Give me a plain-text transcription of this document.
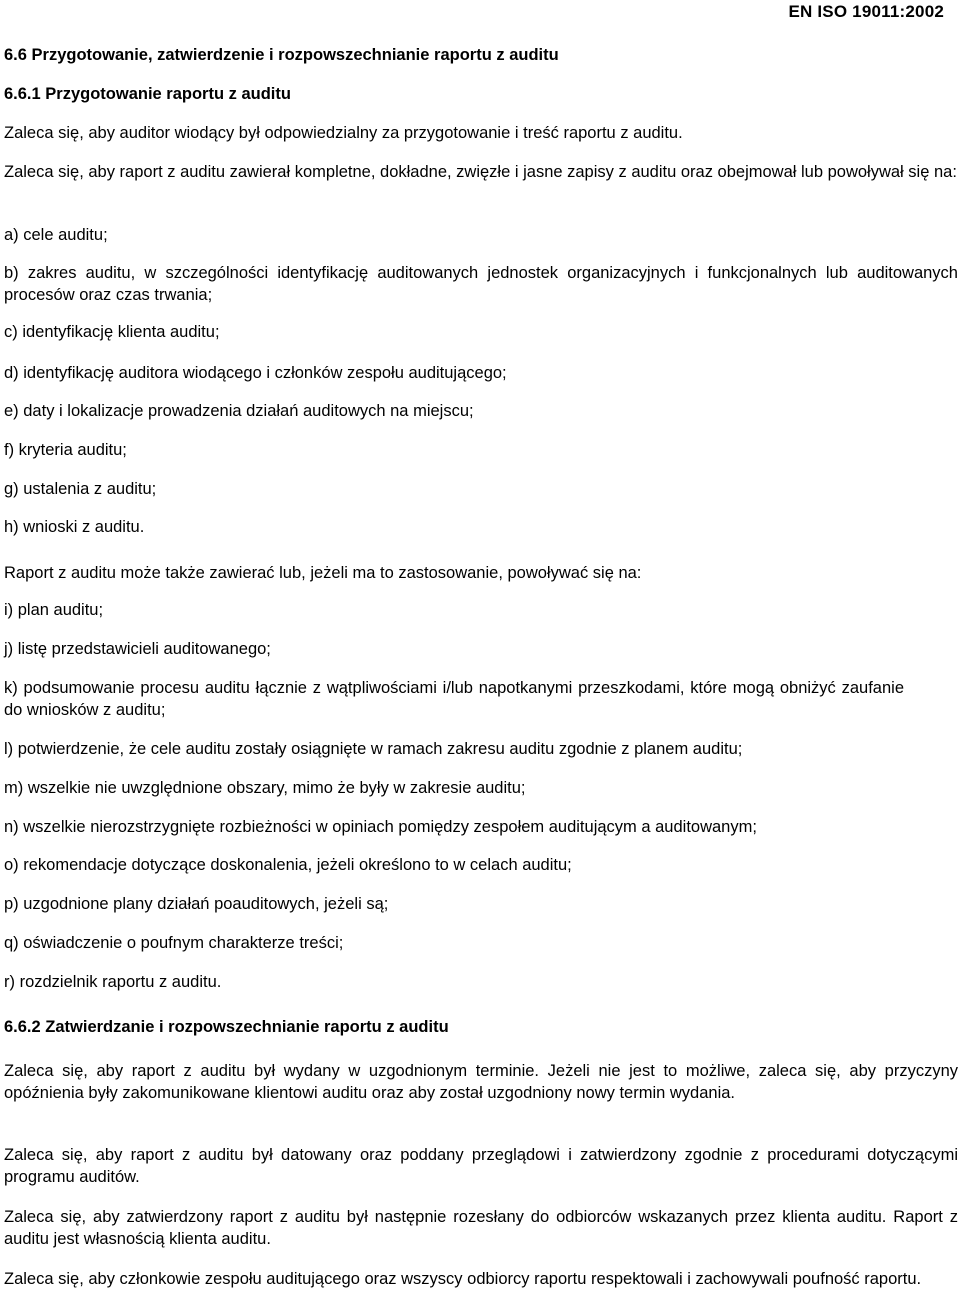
EN ISO 19011:2002
6.6 Przygotowanie, zatwierdzenie i rozpowszechnianie raportu z auditu
6.6.1 Przygotowanie raportu z auditu
Zaleca się, aby auditor wiodący był odpowiedzialny za przygotowanie i treść raportu z auditu.
Zaleca się, aby raport z auditu zawierał kompletne, dokładne, zwięzłe i jasne zapisy z auditu oraz obejmował lub powoływał się na:
a) cele auditu;
b) zakres auditu, w szczególności identyfikację auditowanych jednostek organizacyjnych i funkcjonalnych lub auditowanych procesów oraz czas trwania;
c) identyfikację klienta auditu;
d) identyfikację auditora wiodącego i członków zespołu auditującego;
e) daty i lokalizacje prowadzenia działań auditowych na miejscu;
f) kryteria auditu;
g) ustalenia z auditu;
h) wnioski z auditu.
Raport z auditu może także zawierać lub, jeżeli ma to zastosowanie, powoływać się na:
i) plan auditu;
j) listę przedstawicieli auditowanego;
k) podsumowanie procesu auditu łącznie z wątpliwościami i/lub napotkanymi przeszkodami, które mogą obniżyć zaufanie do wniosków z auditu;
l) potwierdzenie, że cele auditu zostały osiągnięte w ramach zakresu auditu zgodnie z planem auditu;
m) wszelkie nie uwzględnione obszary, mimo że były w zakresie auditu;
n) wszelkie nierozstrzygnięte rozbieżności w opiniach pomiędzy zespołem auditującym a auditowanym;
o) rekomendacje dotyczące doskonalenia, jeżeli określono to w celach auditu;
p) uzgodnione plany działań poauditowych, jeżeli są;
q) oświadczenie o poufnym charakterze treści;
r) rozdzielnik raportu z auditu.
6.6.2 Zatwierdzanie i rozpowszechnianie raportu z auditu
Zaleca się, aby raport z auditu był wydany w uzgodnionym terminie. Jeżeli nie jest to możliwe, zaleca się, aby przyczyny opóźnienia były zakomunikowane klientowi auditu oraz aby został uzgodniony nowy termin wydania.
Zaleca się, aby raport z auditu był datowany oraz poddany przeglądowi i zatwierdzony zgodnie z procedurami dotyczącymi programu auditów.
Zaleca się, aby zatwierdzony raport z auditu był następnie rozesłany do odbiorców wskazanych przez klienta auditu. Raport z auditu jest własnością klienta auditu.
Zaleca się, aby członkowie zespołu auditującego oraz wszyscy odbiorcy raportu respektowali i zachowywali poufność raportu.
